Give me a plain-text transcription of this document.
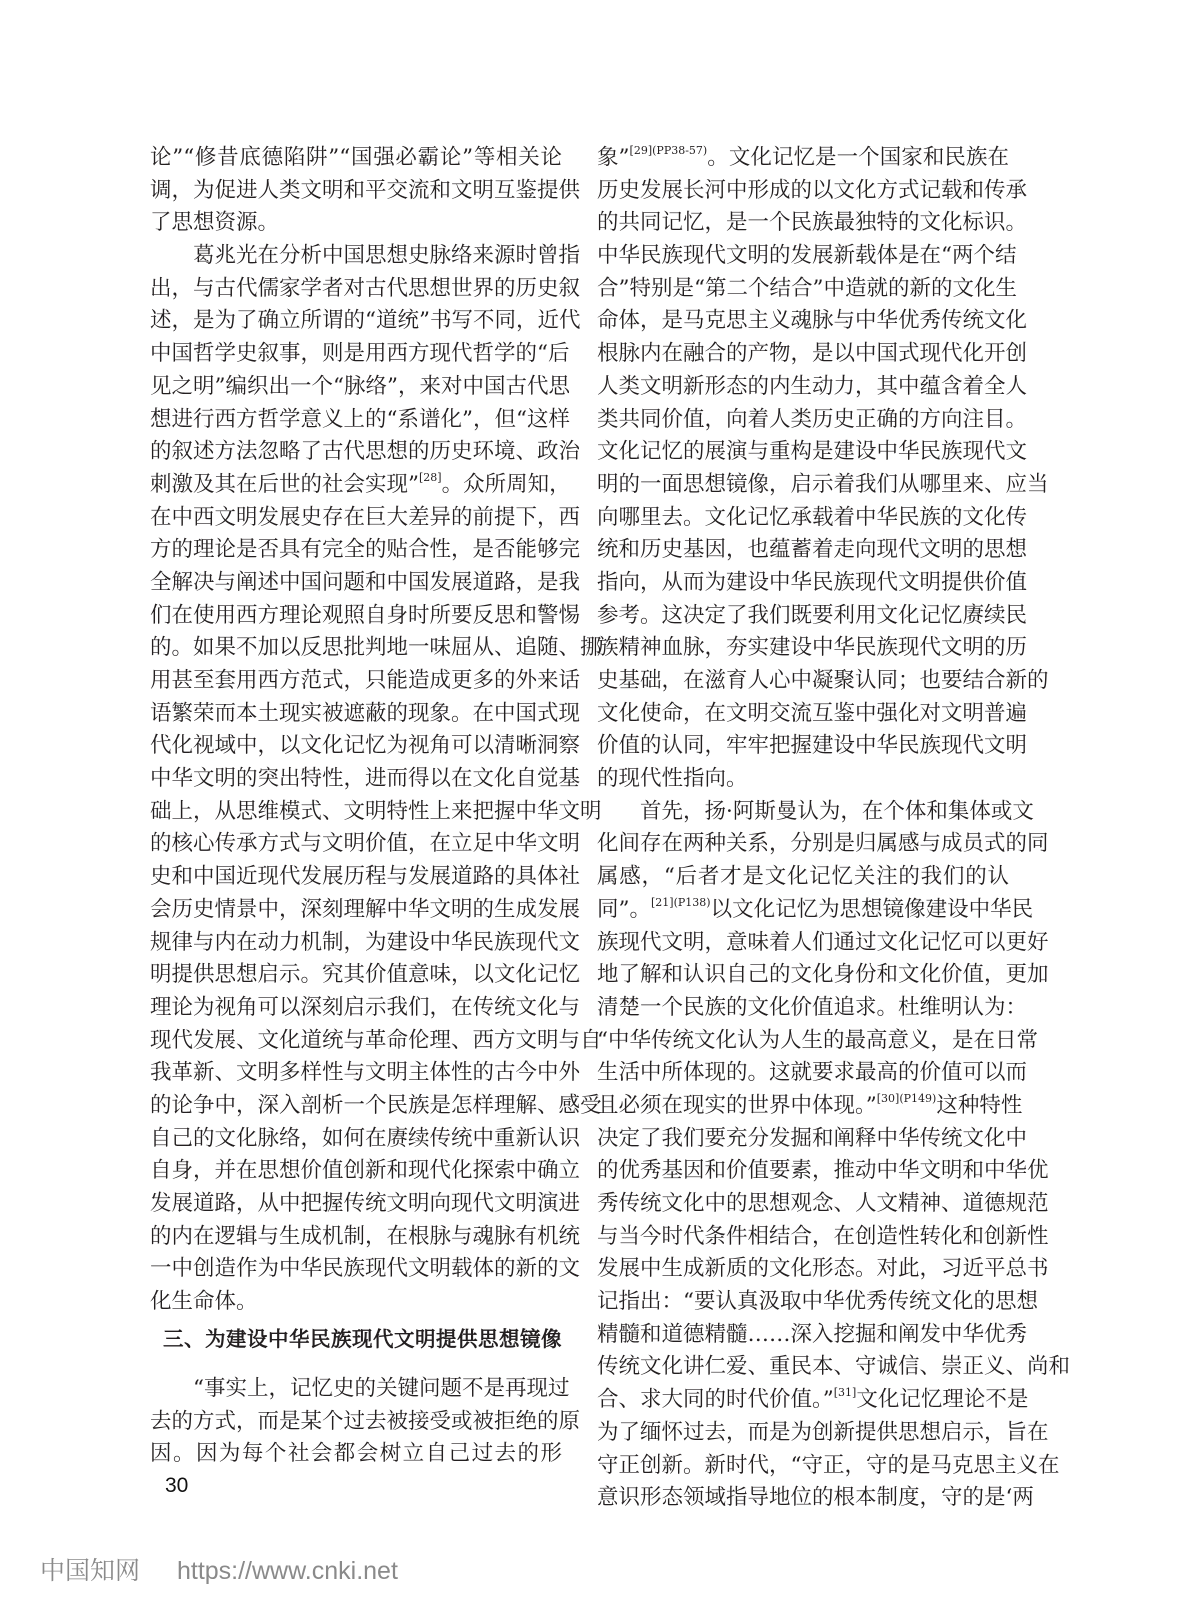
论”“修昔底德陷阱”“国强必霸论”等相关论
调，为促进人类文明和平交流和文明互鉴提供
了思想资源。
葛兆光在分析中国思想史脉络来源时曾指
出，与古代儒家学者对古代思想世界的历史叙
述，是为了确立所谓的“道统”书写不同，近代
中国哲学史叙事，则是用西方现代哲学的“后
见之明”编织出一个“脉络”，来对中国古代思
想进行西方哲学意义上的“系谱化”，但“这样
的叙述方法忽略了古代思想的历史环境、政治
刺激及其在后世的社会实现”[28]。众所周知，
在中西文明发展史存在巨大差异的前提下，西
方的理论是否具有完全的贴合性，是否能够完
全解决与阐述中国问题和中国发展道路，是我
们在使用西方理论观照自身时所要反思和警惕
的。如果不加以反思批判地一味屈从、追随、挪
用甚至套用西方范式，只能造成更多的外来话
语繁荣而本土现实被遮蔽的现象。在中国式现
代化视域中，以文化记忆为视角可以清晰洞察
中华文明的突出特性，进而得以在文化自觉基
础上，从思维模式、文明特性上来把握中华文明
的核心传承方式与文明价值，在立足中华文明
史和中国近现代发展历程与发展道路的具体社
会历史情景中，深刻理解中华文明的生成发展
规律与内在动力机制，为建设中华民族现代文
明提供思想启示。究其价值意味，以文化记忆
理论为视角可以深刻启示我们，在传统文化与
现代发展、文化道统与革命伦理、西方文明与自
我革新、文明多样性与文明主体性的古今中外
的论争中，深入剖析一个民族是怎样理解、感受
自己的文化脉络，如何在赓续传统中重新认识
自身，并在思想价值创新和现代化探索中确立
发展道路，从中把握传统文明向现代文明演进
的内在逻辑与生成机制，在根脉与魂脉有机统
一中创造作为中华民族现代文明载体的新的文
化生命体。
三、为建设中华民族现代文明提供思想镜像
“事实上，记忆史的关键问题不是再现过
去的方式，而是某个过去被接受或被拒绝的原
因。因为每个社会都会树立自己过去的形
象”$^{[29](PP38-57)}$。文化记忆是一个国家和民族在
历史发展长河中形成的以文化方式记载和传承
的共同记忆，是一个民族最独特的文化标识。
中华民族现代文明的发展新载体是在“两个结
合”特别是“第二个结合”中造就的新的文化生
命体，是马克思主义魂脉与中华优秀传统文化
根脉内在融合的产物，是以中国式现代化开创
人类文明新形态的内生动力，其中蕴含着全人
类共同价值，向着人类历史正确的方向注目。
文化记忆的展演与重构是建设中华民族现代文
明的一面思想镜像，启示着我们从哪里来、应当
向哪里去。文化记忆承载着中华民族的文化传
统和历史基因，也蕴蓄着走向现代文明的思想
指向，从而为建设中华民族现代文明提供价值
参考。这决定了我们既要利用文化记忆赓续民
族精神血脉，夯实建设中华民族现代文明的历
史基础，在滋育人心中凝聚认同；也要结合新的
文化使命，在文明交流互鉴中强化对文明普遍
价值的认同，牢牢把握建设中华民族现代文明
的现代性指向。
首先，扬·阿斯曼认为，在个体和集体或文
化间存在两种关系，分别是归属感与成员式的同
属感，“后者才是文化记忆关注的我们的认
同”。$^{[21](P138)}$以文化记忆为思想镜像建设中华民
族现代文明，意味着人们通过文化记忆可以更好
地了解和认识自己的文化身份和文化价值，更加
清楚一个民族的文化价值追求。杜维明认为：
“中华传统文化认为人生的最高意义，是在日常
生活中所体现的。这就要求最高的价值可以而
且必须在现实的世界中体现。”$^{[30](P149)}$这种特性
决定了我们要充分发掘和阐释中华传统文化中
的优秀基因和价值要素，推动中华文明和中华优
秀传统文化中的思想观念、人文精神、道德规范
与当今时代条件相结合，在创造性转化和创新性
发展中生成新质的文化形态。对此，习近平总书
记指出：“要认真汲取中华优秀传统文化的思想
精髓和道德精髓……深入挖掘和阐发中华优秀
传统文化讲仁爱、重民本、守诚信、崇正义、尚和
合、求大同的时代价值。”[31]文化记忆理论不是
为了缅怀过去，而是为创新提供思想启示，旨在
守正创新。新时代，“守正，守的是马克思主义在
意识形态领域指导地位的根本制度，守的是‘两
30
中国知网 https://www.cnki.net
